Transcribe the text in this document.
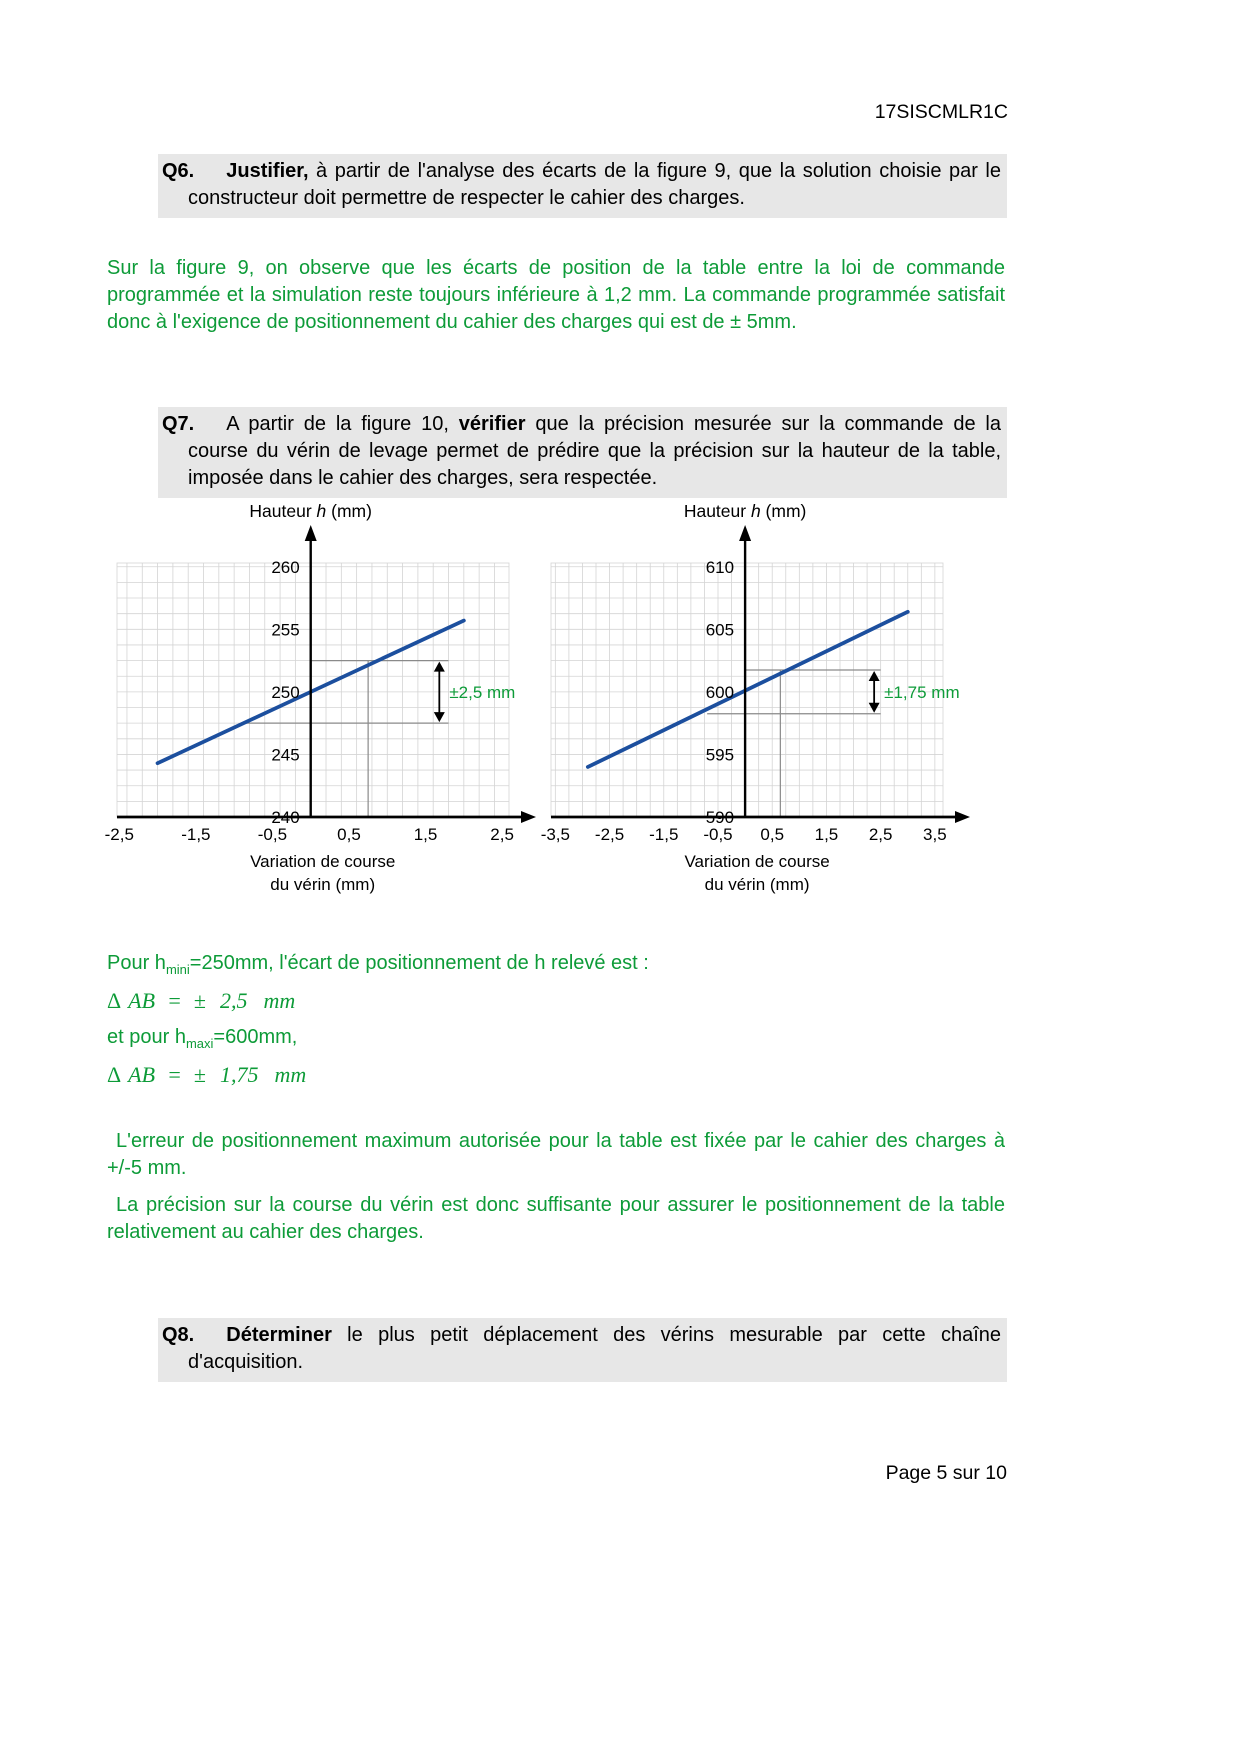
17SISCMLR1C

Q6. Justifier, à partir de l'analyse des écarts de la figure 9, que la solution choisie par le constructeur doit permettre de respecter le cahier des charges.

Sur la figure 9, on observe que les écarts de position de la table entre la loi de commande programmée et la simulation reste toujours inférieure à 1,2 mm. La commande programmée satisfait donc à l'exigence de positionnement du cahier des charges qui est de ± 5mm.

Q7. A partir de la figure 10, vérifier que la précision mesurée sur la commande de la course du vérin de levage permet de prédire que la précision sur la hauteur de la table, imposée dans le cahier des charges, sera respectée.

±2,5 mm
260
255
250
245
240
-2,5	-1,5	-0,5	0,5	1,5	2,5
Hauteur h (mm)
Variation de course
du vérin (mm)
±1,75 mm
610
605
600
595
590
-3,5 -2,5 -1,5 -0,5 0,5 1,5 2,5 3,5
Hauteur h (mm)
Variation de course
du vérin (mm)

Pour $h_{mini}=250mm$, l'écart de positionnement de h relevé est :

Δ AB = ± 2,5 mm

et pour $h_{maxi}=600mm$,

Δ AB = ± 1,75 mm

L'erreur de positionnement maximum autorisée pour la table est fixée par le cahier des charges à +/-5 mm.
La précision sur la course du vérin est donc suffisante pour assurer le positionnement de la table relativement au cahier des charges.

Q8. Déterminer le plus petit déplacement des vérins mesurable par cette chaîne d'acquisition.

Page 5 sur 10
